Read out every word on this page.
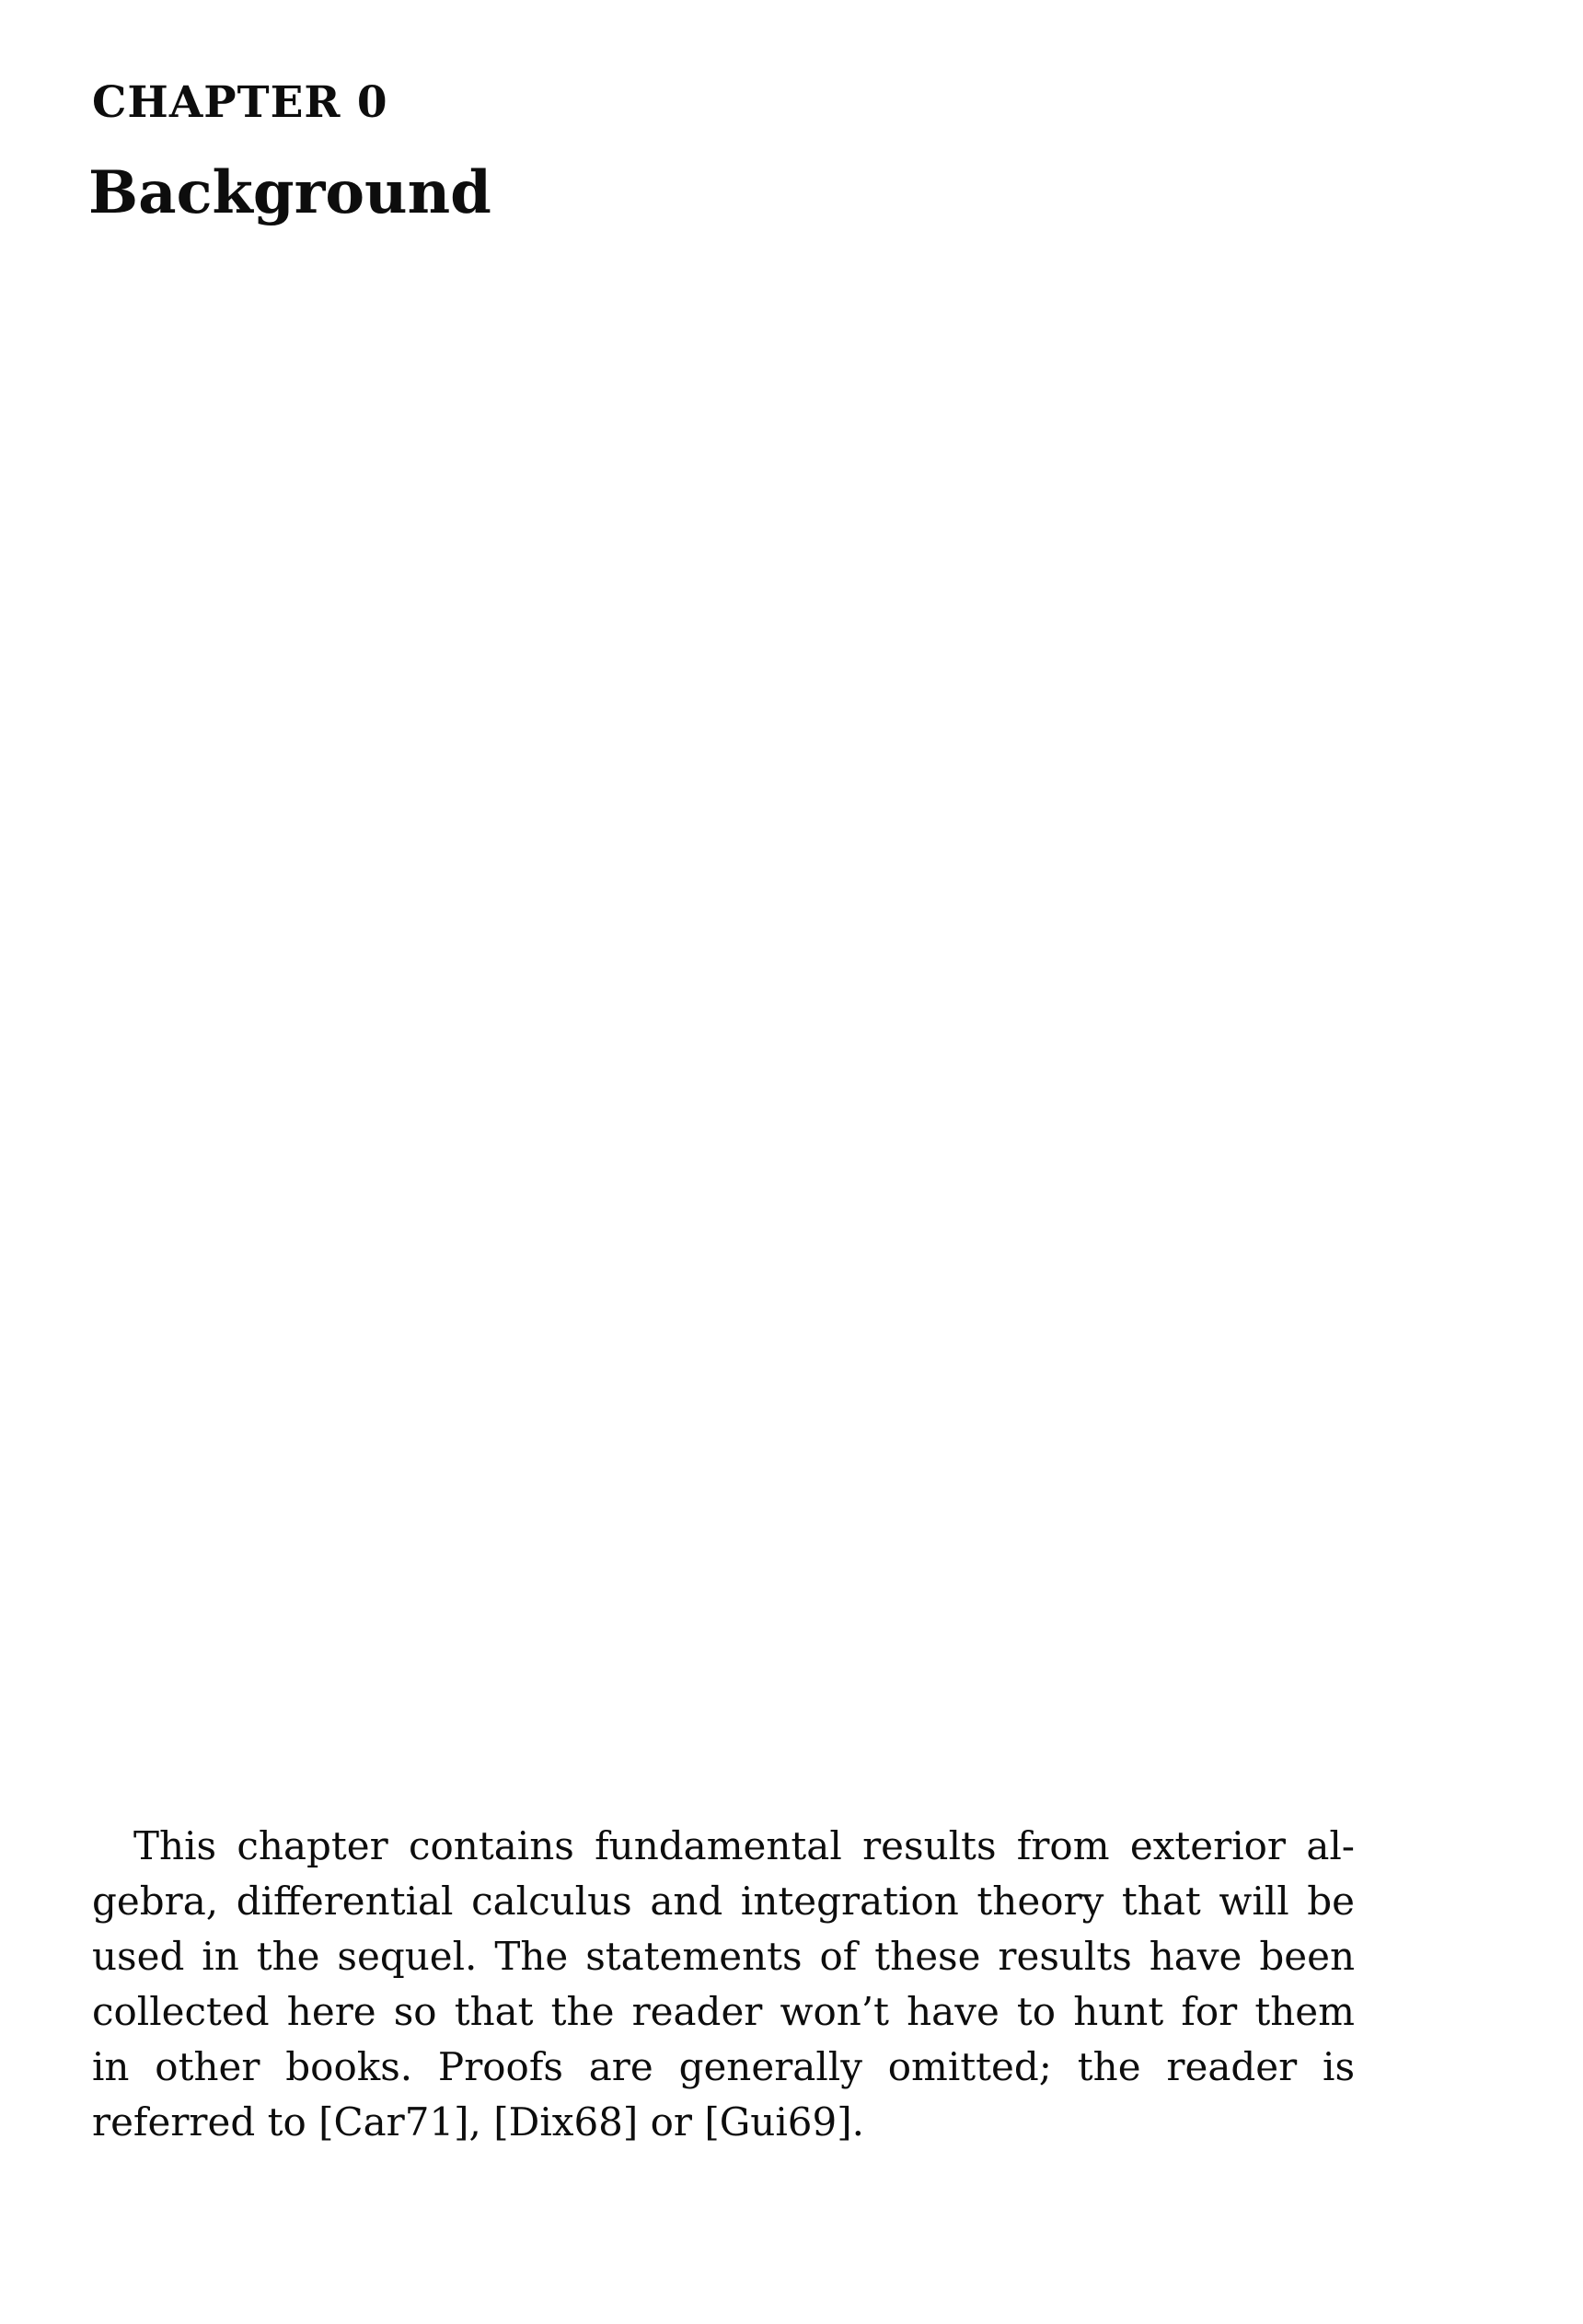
CHAPTER 0
Background
This chapter contains fundamental results from exterior al-
gebra, differential calculus and integration theory that will be
used in the sequel. The statements of these results have been
collected here so that the reader won’t have to hunt for them
in other books. Proofs are generally omitted; the reader is
referred to [Car71], [Dix68] or [Gui69].
